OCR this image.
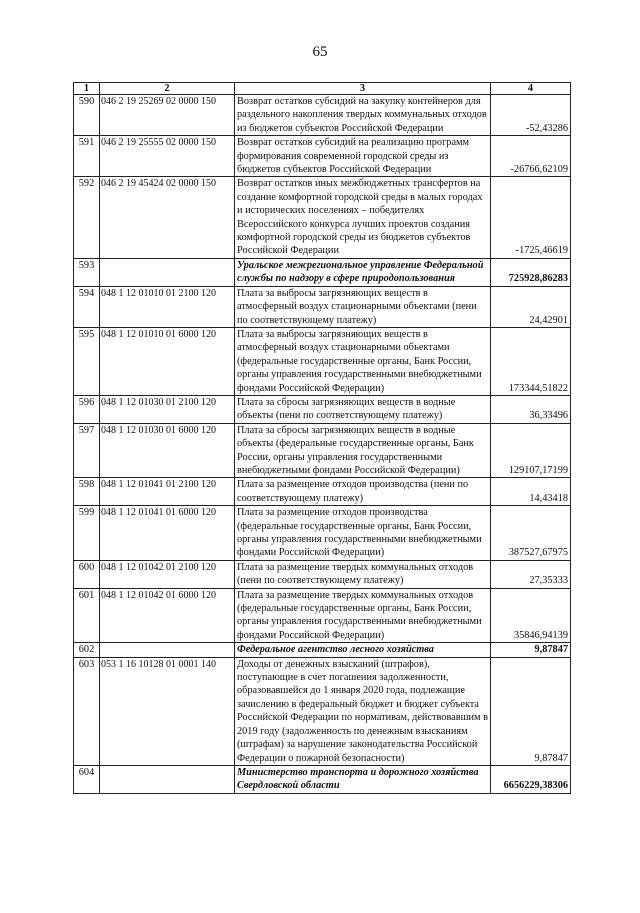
65
1	2	3	4
590	046 2 19 25269 02 0000 150	Возврат остатков субсидий на закупку контейнеров для раздельного накопления твердых коммунальных отходов из бюджетов субъектов Российской Федерации	-52,43286
591	046 2 19 25555 02 0000 150	Возврат остатков субсидий на реализацию программ формирования современной городской среды из бюджетов субъектов Российской Федерации	-26766,62109
592	046 2 19 45424 02 0000 150	Возврат остатков иных межбюджетных трансфертов на создание комфортной городской среды в малых городах и исторических поселениях – победителях Всероссийского конкурса лучших проектов создания комфортной городской среды из бюджетов субъектов Российской Федерации	-1725,46619
593		Уральское межрегиональное управление Федеральной службы по надзору в сфере природопользования	725928,86283
594	048 1 12 01010 01 2100 120	Плата за выбросы загрязняющих веществ в атмосферный воздух стационарными объектами (пени по соответствующему платежу)	24,42901
595	048 1 12 01010 01 6000 120	Плата за выбросы загрязняющих веществ в атмосферный воздух стационарными объектами (федеральные государственные органы, Банк России, органы управления государственными внебюджетными фондами Российской Федерации)	173344,51822
596	048 1 12 01030 01 2100 120	Плата за сбросы загрязняющих веществ в водные объекты (пени по соответствующему платежу)	36,33496
597	048 1 12 01030 01 6000 120	Плата за сбросы загрязняющих веществ в водные объекты (федеральные государственные органы, Банк России, органы управления государственными внебюджетными фондами Российской Федерации)	129107,17199
598	048 1 12 01041 01 2100 120	Плата за размещение отходов производства (пени по соответствующему платежу)	14,43418
599	048 1 12 01041 01 6000 120	Плата за размещение отходов производства (федеральные государственные органы, Банк России, органы управления государственными внебюджетными фондами Российской Федерации)	387527,67975
600	048 1 12 01042 01 2100 120	Плата за размещение твердых коммунальных отходов (пени по соответствующему платежу)	27,35333
601	048 1 12 01042 01 6000 120	Плата за размещение твердых коммунальных отходов (федеральные государственные органы, Банк России, органы управления государственными внебюджетными фондами Российской Федерации)	35846,94139
602		Федеральное агентство лесного хозяйства	9,87847
603	053 1 16 10128 01 0001 140	Доходы от денежных взысканий (штрафов), поступающие в счет погашения задолженности, образовавшейся до 1 января 2020 года, подлежащие зачислению в федеральный бюджет и бюджет субъекта Российской Федерации по нормативам, действовавшим в 2019 году (задолженность по денежным взысканиям (штрафам) за нарушение законодательства Российской Федерации о пожарной безопасности)	9,87847
604		Министерство транспорта и дорожного хозяйства Свердловской области	6656229,38306
